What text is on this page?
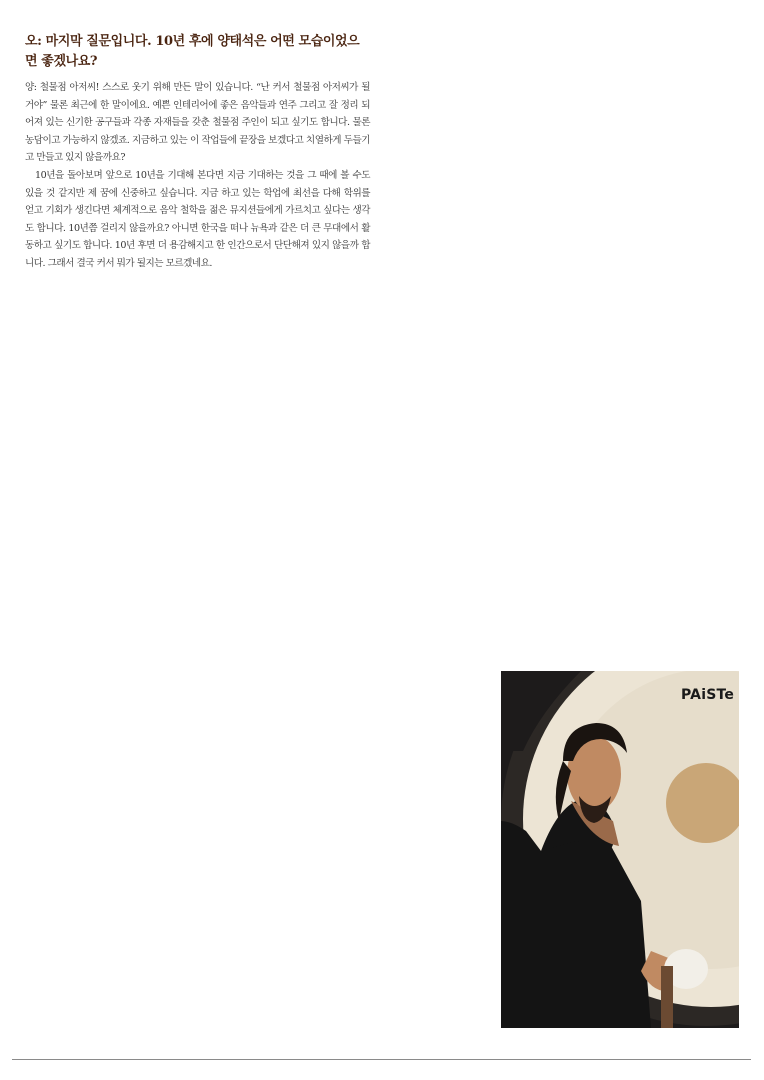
오: 마지막 질문입니다. 10년 후에 양태석은 어떤 모습이었으면 좋겠나요?

양: 철물점 아저씨! 스스로 웃기 위해 만든 말이 있습니다. “난 커서 철물점 아저씨가 될 거야” 물론 최근에 한 말이에요. 예쁜 인테리어에 좋은 음악들과 연주 그리고 잘 정리 되어져 있는 신기한 공구들과 각종 자재들을 갖춘 철물점 주인이 되고 싶기도 합니다. 물론 농담이고 가능하지 않겠죠. 지금하고 있는 이 작업들에 끝장을 보겠다고 치열하게 두들기고 만들고 있지 않을까요?

10년을 돌아보며 앞으로 10년을 기대해 본다면 지금 기대하는 것을 그 때에 볼 수도 있을 것 같지만 제 꿈에 신중하고 싶습니다. 지금 하고 있는 학업에 최선을 다해 학위를 얻고 기회가 생긴다면 체계적으로 음악 철학을 젊은 뮤지션들에게 가르치고 싶다는 생각도 합니다. 10년쯤 걸리지 않을까요? 아니면 한국을 떠나 뉴욕과 같은 더 큰 무대에서 활동하고 싶기도 합니다. 10년 후면 더 용감해지고 한 인간으로서 단단해져 있지 않을까 합니다. 그래서 결국 커서 뭐가 될지는 모르겠네요.

PAiSTe
